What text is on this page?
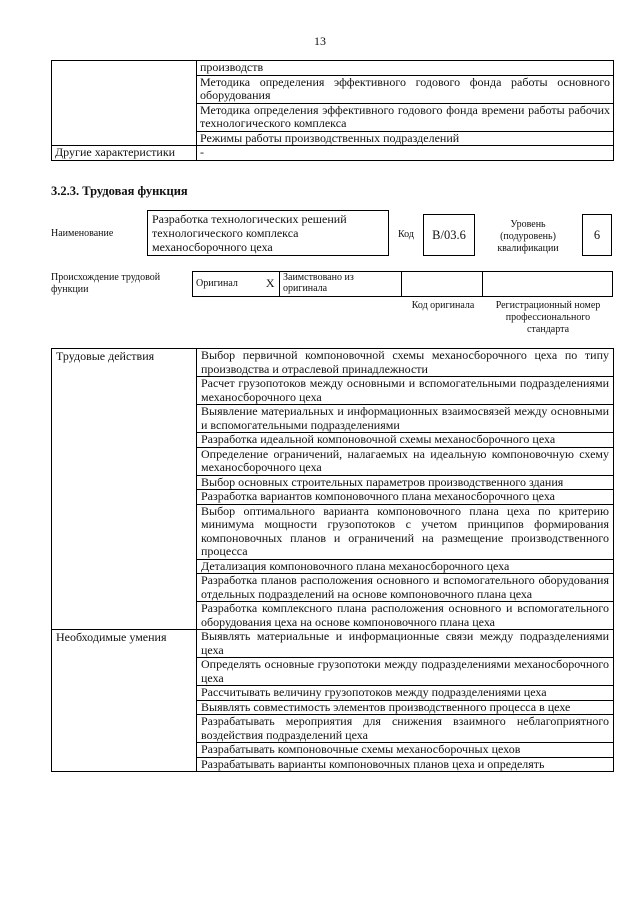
13
	производств
	Методика определения эффективного годового фонда работы основного оборудования
	Методика определения эффективного годового фонда времени работы рабочих технологического комплекса
	Режимы работы производственных подразделений
Другие характеристики	-
3.2.3. Трудовая функция
Наименование
Разработка технологических решений технологического комплекса механосборочного цеха
Код	В/03.6
Уровень (подуровень) квалификации
6
Происхождение трудовой функции
Оригинал	X	Заимствовано из оригинала		
Код оригинала	Регистрационный номер профессионального стандарта
Трудовые действия	Выбор первичной компоновочной схемы механосборочного цеха по типу производства и отраслевой принадлежности
	Расчет грузопотоков между основными и вспомогательными подразделениями механосборочного цеха
	Выявление материальных и информационных взаимосвязей между основными и вспомогательными подразделениями
	Разработка идеальной компоновочной схемы механосборочного цеха
	Определение ограничений, налагаемых на идеальную компоновочную схему механосборочного цеха
	Выбор основных строительных параметров производственного здания
	Разработка вариантов компоновочного плана механосборочного цеха
	Выбор оптимального варианта компоновочного плана цеха по критерию минимума мощности грузопотоков с учетом принципов формирования компоновочных планов и ограничений на размещение производственного процесса
	Детализация компоновочного плана механосборочного цеха
	Разработка планов расположения основного и вспомогательного оборудования отдельных подразделений на основе компоновочного плана цеха
	Разработка комплексного плана расположения основного и вспомогательного оборудования цеха на основе компоновочного плана цеха
Необходимые умения	Выявлять материальные и информационные связи между подразделениями цеха
	Определять основные грузопотоки между подразделениями механосборочного цеха
	Рассчитывать величину грузопотоков между подразделениями цеха
	Выявлять совместимость элементов производственного процесса в цехе
	Разрабатывать мероприятия для снижения взаимного неблагоприятного воздействия подразделений цеха
	Разрабатывать компоновочные схемы механосборочных цехов
	Разрабатывать варианты компоновочных планов цеха и определять
